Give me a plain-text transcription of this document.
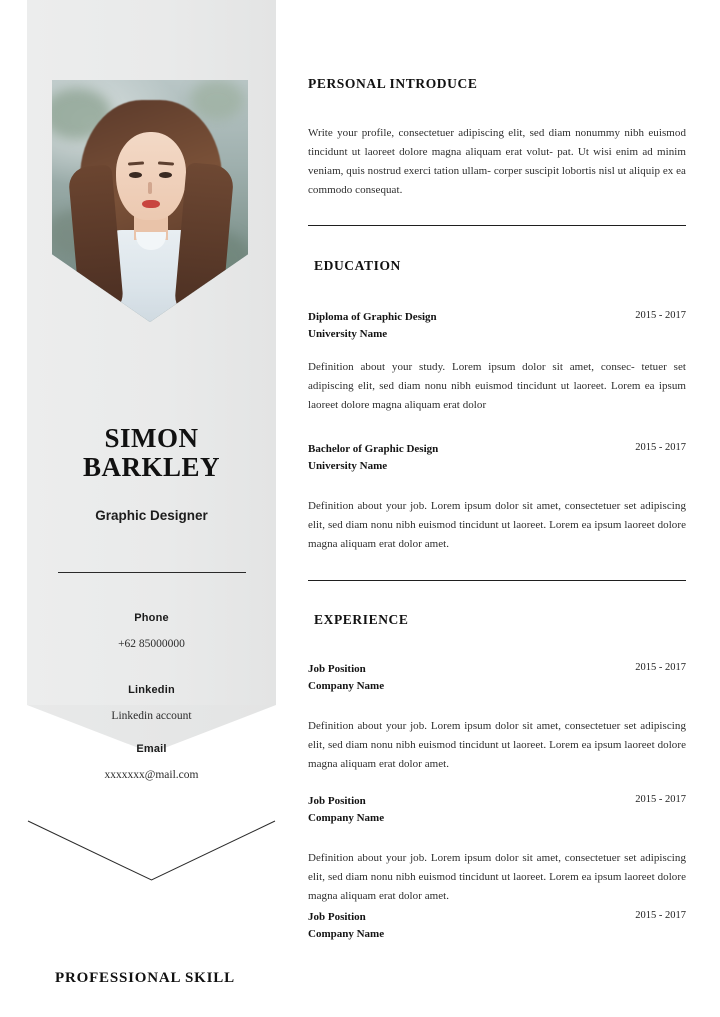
SIMON
BARKLEY
Graphic Designer
Phone
+62 85000000
Linkedin
Linkedin account
Email
xxxxxxx@mail.com
PERSONAL INTRODUCE
Write your profile, consectetuer adipiscing elit, sed diam nonummy nibh euismod tincidunt ut laoreet dolore magna aliquam erat volut- pat. Ut wisi enim ad minim veniam, quis nostrud exerci tation ullam- corper suscipit lobortis nisl ut aliquip ex ea commodo consequat.
EDUCATION
Diploma of Graphic Design
University Name
2015 - 2017
Definition about your study. Lorem ipsum dolor sit amet, consec- tetuer set adipiscing elit, sed diam nonu nibh euismod tincidunt ut laoreet. Lorem ea ipsum laoreet dolore magna aliquam erat dolor
Bachelor of Graphic Design
University Name
2015 - 2017
Definition about your job. Lorem ipsum dolor sit amet, consectetuer set adipiscing elit, sed diam nonu nibh euismod tincidunt ut laoreet. Lorem ea ipsum laoreet dolore magna aliquam erat dolor amet.
EXPERIENCE
Job Position
Company Name
2015 - 2017
Definition about your job. Lorem ipsum dolor sit amet, consectetuer set adipiscing elit, sed diam nonu nibh euismod tincidunt ut laoreet. Lorem ea ipsum laoreet dolore magna aliquam erat dolor amet.
Job Position
Company Name
2015 - 2017
Definition about your job. Lorem ipsum dolor sit amet, consectetuer set adipiscing elit, sed diam nonu nibh euismod tincidunt ut laoreet. Lorem ea ipsum laoreet dolore magna aliquam erat dolor amet.
Job Position
Company Name
2015 - 2017
PROFESSIONAL SKILL
